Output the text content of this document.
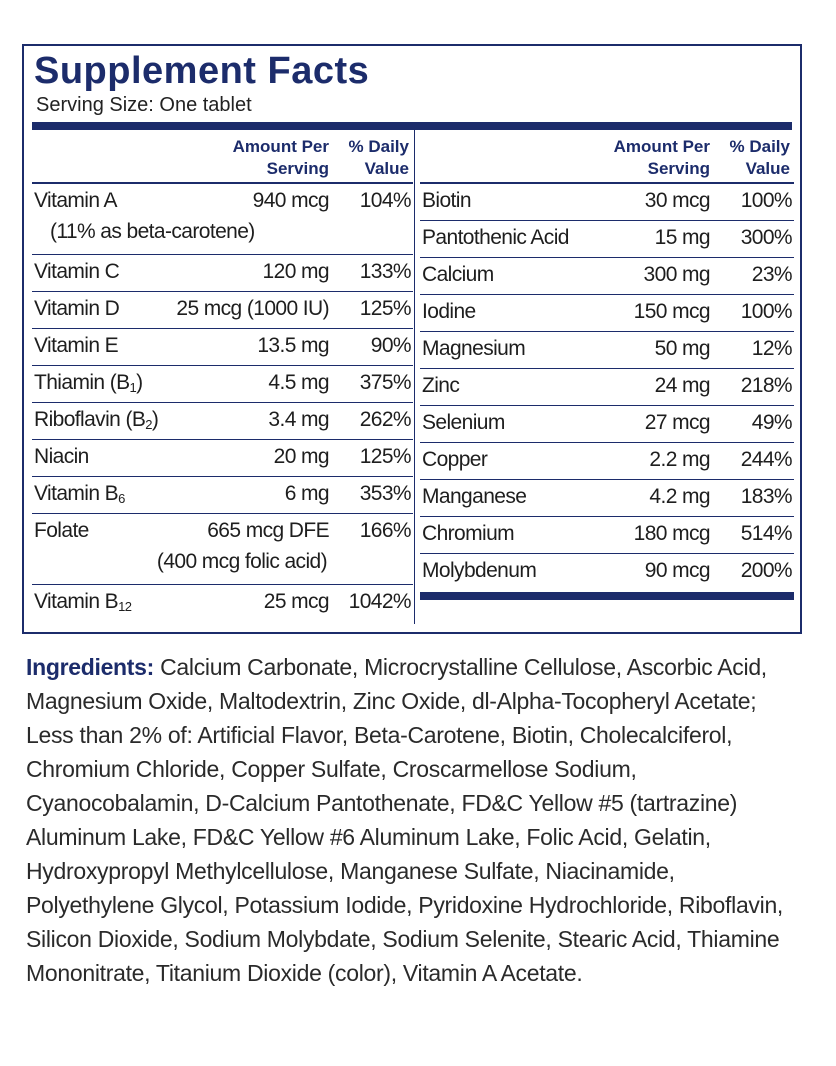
Supplement Facts
Serving Size: One tablet
Amount Per
Serving
% Daily
Value
Vitamin A	940 mcg 104%
(11% as beta-carotene)
Vitamin C	120 mg 133%
Vitamin D	25 mcg (1000 IU) 125%
Vitamin E	13.5 mg 90%
Thiamin $(B_1)$	4.5 mg 375%
Riboflavin $(B_2)$	3.4 mg 262%
Niacin	20 mg 125%
Vitamin $B_6$	6 mg 353%
Folate	665 mcg DFE 166%
(400 mcg folic acid)
Vitamin $B_{12}$	25 mcg 1042%
Amount Per
Serving
% Daily
Value
Biotin	30 mcg 100%
Pantothenic Acid	15 mg 300%
Calcium	300 mg 23%
Iodine	150 mcg 100%
Magnesium	50 mg 12%
Zinc	24 mg 218%
Selenium	27 mcg 49%
Copper	2.2 mg 244%
Manganese	4.2 mg 183%
Chromium	180 mcg 514%
Molybdenum	90 mcg 200%
Ingredients: Calcium Carbonate, Microcrystalline Cellulose, Ascorbic Acid, Magnesium Oxide, Maltodextrin, Zinc Oxide, dl-Alpha-Tocopheryl Acetate; Less than 2% of: Artificial Flavor, Beta-Carotene, Biotin, Cholecalciferol, Chromium Chloride, Copper Sulfate, Croscarmellose Sodium, Cyanocobalamin, D-Calcium Pantothenate, FD&C Yellow #5 (tartrazine) Aluminum Lake, FD&C Yellow #6 Aluminum Lake, Folic Acid, Gelatin, Hydroxypropyl Methylcellulose, Manganese Sulfate, Niacinamide, Polyethylene Glycol, Potassium Iodide, Pyridoxine Hydrochloride, Riboflavin, Silicon Dioxide, Sodium Molybdate, Sodium Selenite, Stearic Acid, Thiamine Mononitrate, Titanium Dioxide (color), Vitamin A Acetate.
